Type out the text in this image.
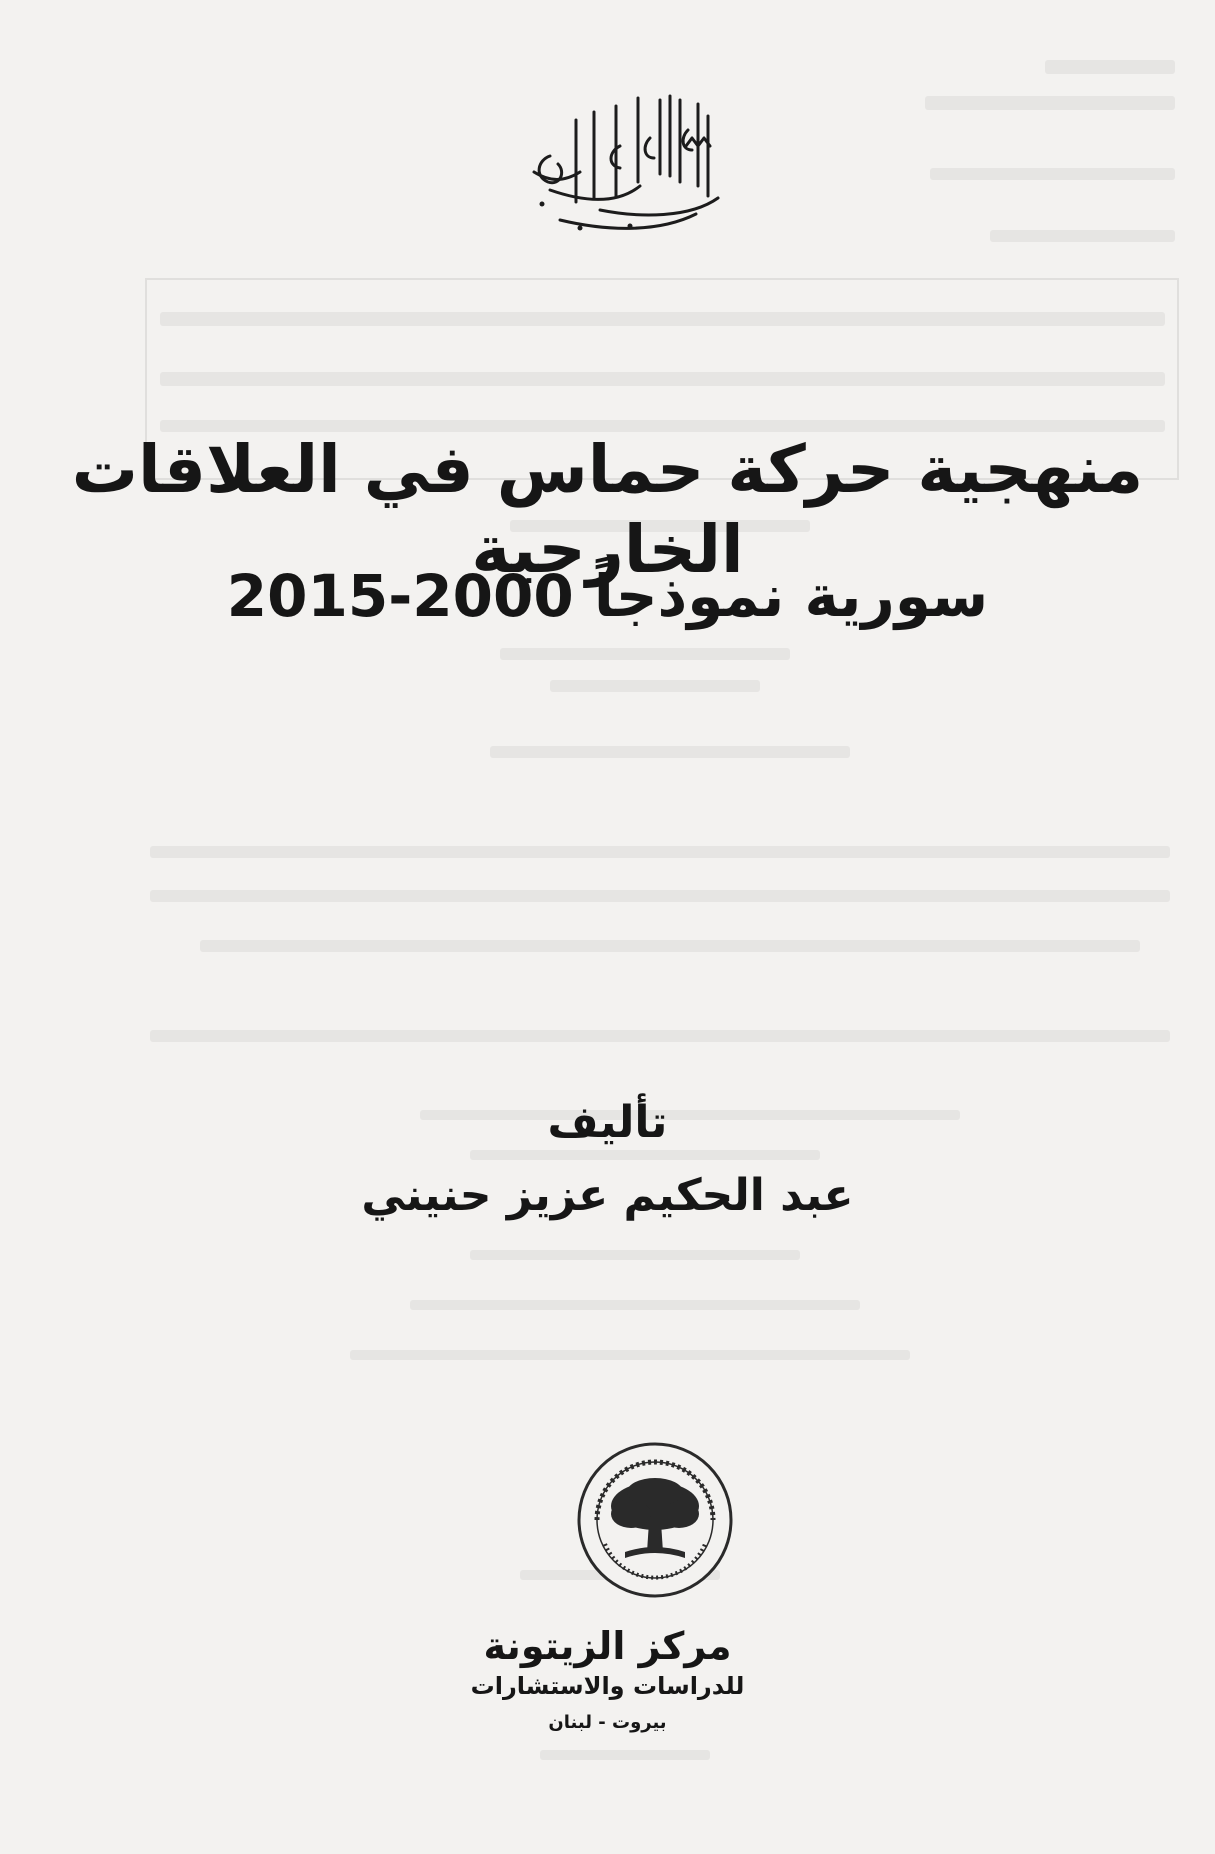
منهجية حركة حماس في العلاقات الخارجية
سورية نموذجاً 2000-2015
تأليف
عبد الحكيم عزيز حنيني
مركز الزيتونة
للدراسات والاستشارات
بيروت - لبنان
